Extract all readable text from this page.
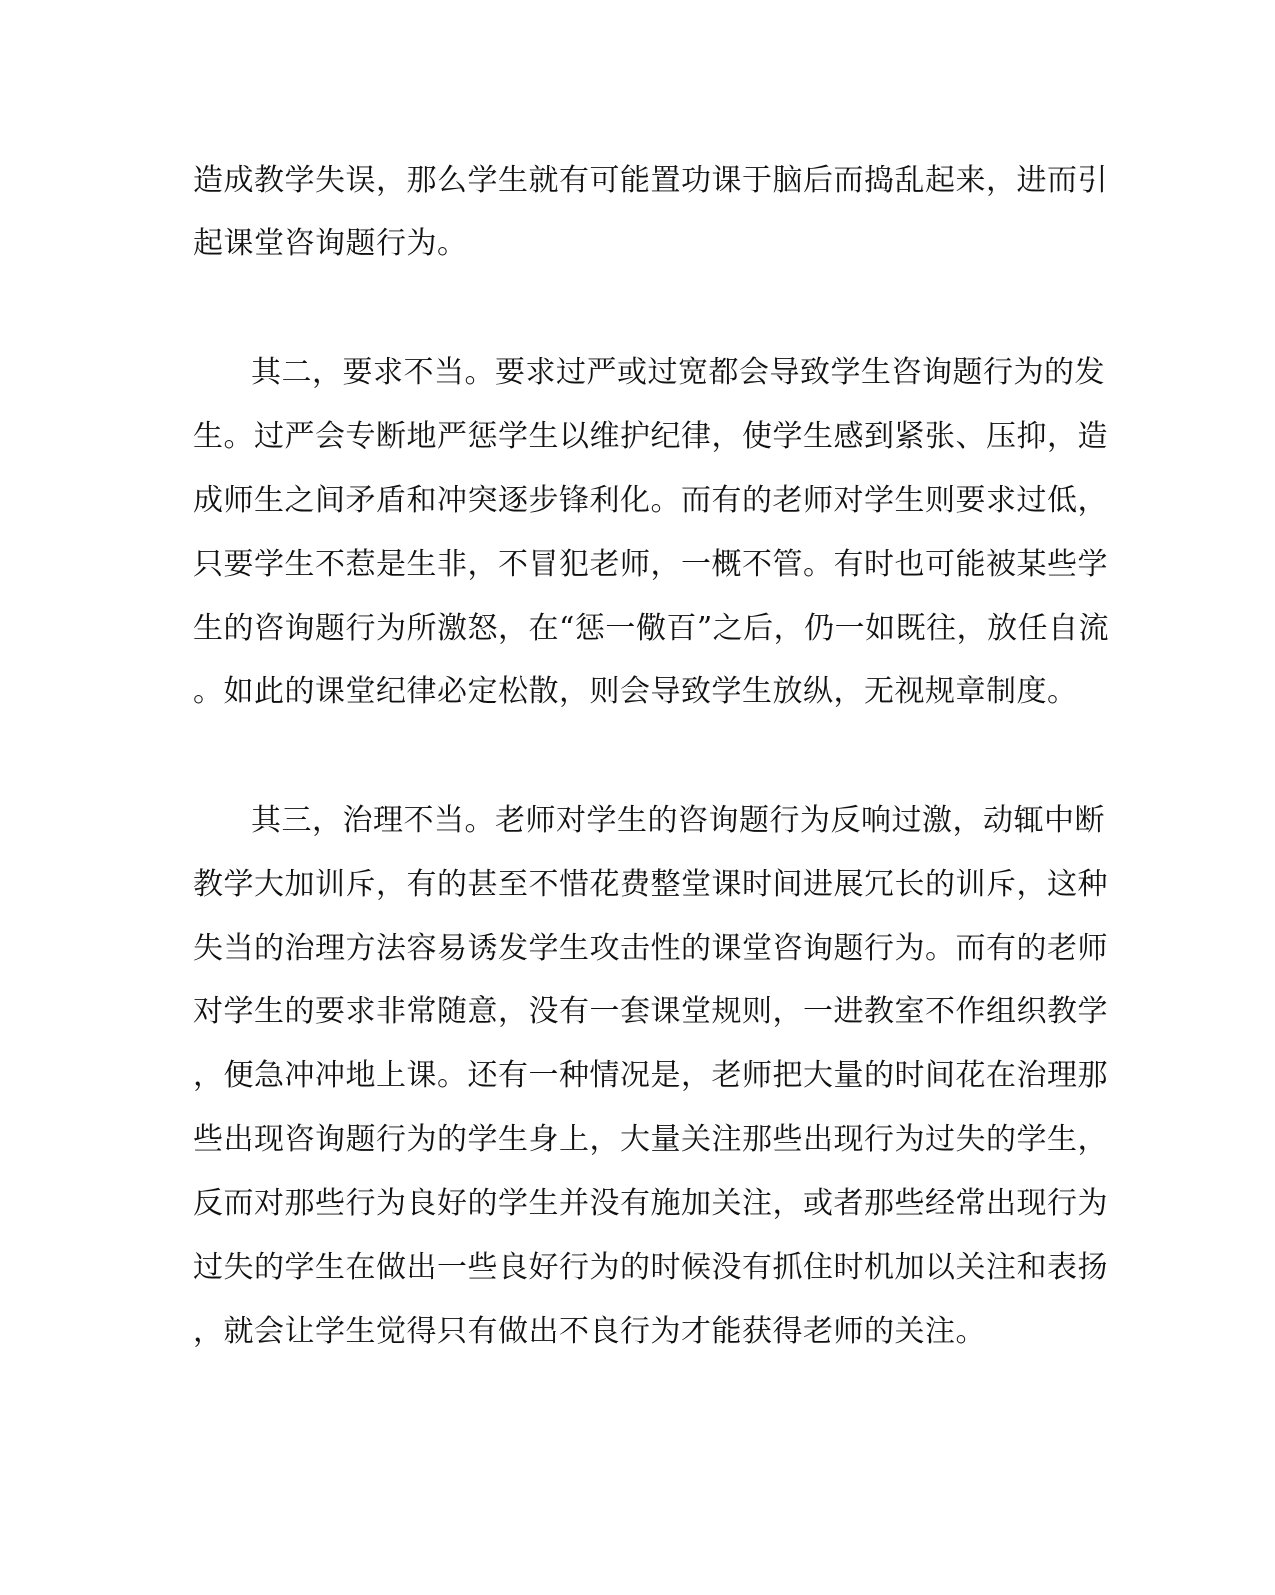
造成教学失误，那么学生就有可能置功课于脑后而捣乱起来，进而引
起课堂咨询题行为。
其二，要求不当。要求过严或过宽都会导致学生咨询题行为的发
生。过严会专断地严惩学生以维护纪律，使学生感到紧张、压抑，造
成师生之间矛盾和冲突逐步锋利化。而有的老师对学生则要求过低，
只要学生不惹是生非，不冒犯老师，一概不管。有时也可能被某些学
生的咨询题行为所激怒，在“惩一儆百”之后，仍一如既往，放任自流
。如此的课堂纪律必定松散，则会导致学生放纵，无视规章制度。
其三，治理不当。老师对学生的咨询题行为反响过激，动辄中断
教学大加训斥，有的甚至不惜花费整堂课时间进展冗长的训斥，这种
失当的治理方法容易诱发学生攻击性的课堂咨询题行为。而有的老师
对学生的要求非常随意，没有一套课堂规则，一进教室不作组织教学
，便急冲冲地上课。还有一种情况是，老师把大量的时间花在治理那
些出现咨询题行为的学生身上，大量关注那些出现行为过失的学生，
反而对那些行为良好的学生并没有施加关注，或者那些经常出现行为
过失的学生在做出一些良好行为的时候没有抓住时机加以关注和表扬
，就会让学生觉得只有做出不良行为才能获得老师的关注。
